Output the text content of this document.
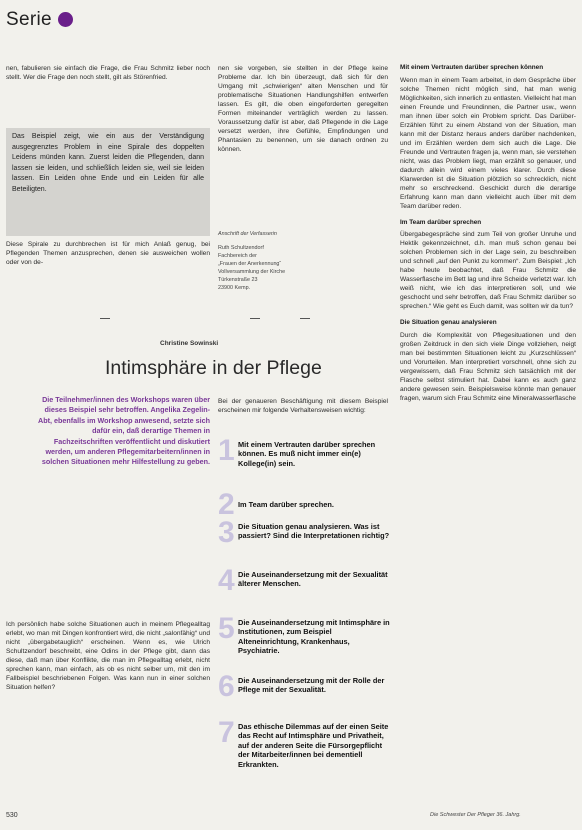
Serie
nen, fabulieren sie einfach die Frage, die Frau Schmitz lieber noch stellt. Wer die Frage den noch stellt, gilt als Störenfried.
Das Beispiel zeigt, wie ein aus der Verständigung ausgegrenztes Problem in eine Spirale des doppelten Leidens münden kann. Zuerst leiden die Pflegenden, dann lassen sie leiden, und schließlich leiden sie, weil sie leiden lassen. Ein Leiden ohne Ende und ein Leiden für alle Beteiligten.
Diese Spirale zu durchbrechen ist für mich Anlaß genug, bei Pflegenden Themen anzusprechen, denen sie ausweichen wollen oder von de-
nen sie vorgeben, sie stellten in der Pflege keine Probleme dar. Ich bin überzeugt, daß sich für den Umgang mit „schwierigen“ alten Menschen und für problematische Situationen Handlungshilfen entwerfen lassen. Es gilt, die oben eingeforderten geregelten Formen miteinander verträglich werden zu lassen. Voraussetzung dafür ist aber, daß Pflegende in die Lage versetzt werden, ihre Gefühle, Empfindungen und Phantasien zu benennen, um sie danach ordnen zu können.
Anschrift der Verfasserin
Ruth Schultzendorf
Fachbereich der
„Frauen der Anerkennung“
Vollversammlung der Kirche
Türkenstraße 23
23900 Kemp.
Christine Sowinski
Intimsphäre in der Pflege
Die Teilnehmer/innen des Workshops waren über dieses Beispiel sehr betroffen. Angelika Zegelin-Abt, ebenfalls im Workshop anwesend, setzte sich dafür ein, daß derartige Themen in Fachzeitschriften veröffentlicht und diskutiert werden, um anderen Pflegemitarbeitern/innen in solchen Situationen mehr Hilfestellung zu geben.
Bei der genaueren Beschäftigung mit diesem Beispiel erscheinen mir folgende Verhaltensweisen wichtig:
1 Mit einem Vertrauten darüber sprechen können. Es muß nicht immer ein(e) Kollege(in) sein.
2 Im Team darüber sprechen.
3 Die Situation genau analysieren. Was ist passiert? Sind die Interpretationen richtig?
4 Die Auseinandersetzung mit der Sexualität älterer Menschen.
5 Die Auseinandersetzung mit Intimsphäre in Institutionen, zum Beispiel Alteneinrichtung, Krankenhaus, Psychiatrie.
6 Die Auseinandersetzung mit der Rolle der Pflege mit der Sexualität.
7 Das ethische Dilemmas auf der einen Seite das Recht auf Intimsphäre und Privatheit, auf der anderen Seite die Fürsorgepflicht der Mitarbeiter/innen bei dementiell Erkrankten.
Ich persönlich habe solche Situationen auch in meinem Pflegealltag erlebt, wo man mit Dingen konfrontiert wird, die nicht „salonfähig“ und nicht „übergabetauglich“ erscheinen. Wenn es, wie Ulrich Schultzendorf beschreibt, eine Odins in der Pflege gibt, dann das diese, daß man über Konflikte, die man im Pflegealltag erlebt, nicht sprechen kann, man einfach, als ob es nicht selber um, mit den im Fallbeispiel beschriebenen Folgen. Was kann nun in einer solchen Situation helfen?
Mit einem Vertrauten darüber sprechen können
Wenn man in einem Team arbeitet, in dem Gespräche über solche Themen nicht möglich sind, hat man wenig Möglichkeiten, sich innerlich zu entlasten. Vielleicht hat man einen Freunde und Freundinnen, die Partner usw., wenn man ihnen über solch ein Problem spricht. Das Darüber-Erzählen führt zu einem Abstand von der Situation, man kann mit der Distanz heraus anders darüber nachdenken, und im Erzählen werden dem sich auch die Lage. Die Freunde und Vertrauten fragen ja, wenn man, sie verstehen nicht, was das Problem liegt, man erzählt so genauer, und dadurch allein wird einem vieles klarer. Durch diese Klarwerden ist die Situation plötzlich so schrecklich, nicht mehr so erschreckend. Geschickt durch die derartige Erfahrung kann man dann vielleicht auch über mit dem Team darüber reden.
Im Team darüber sprechen
Übergabegespräche sind zum Teil von großer Unruhe und Hektik gekennzeichnet, d.h. man muß schon genau bei solchen Problemen sich in der Lage sein, zu beschreiben und schnell „auf den Punkt zu kommen“. Zum Beispiel: „Ich habe heute beobachtet, daß Frau Schmitz die Wasserflasche im Bett lag und ihre Scheide verletzt war. Ich weiß nicht, wie ich das interpretieren soll, und wie geschocht und sehr betroffen, daß Frau Schmitz darüber so sprechen.“ Wie geht es Euch damit, was sollten wir da tun?
Die Situation genau analysieren
Durch die Komplexität von Pflegesituationen und den großen Zeitdruck in den sich viele Dinge vollziehen, neigt man bei bestimmten Situationen leicht zu „Kurzschlüssen“ und Vorurteilen. Man interpretiert vorschnell, ohne sich zu vergewissern, daß Frau Schmitz sich tatsächlich mit der Flasche selbst stimuliert hat. Dabei kann es auch ganz andere gewesen sein. Beispielsweise könnte man genauer fragen, warum sich Frau Schmitz eine Mineralwasserflasche
530	Die Schwester Der Pfleger 36. Jahrg.
